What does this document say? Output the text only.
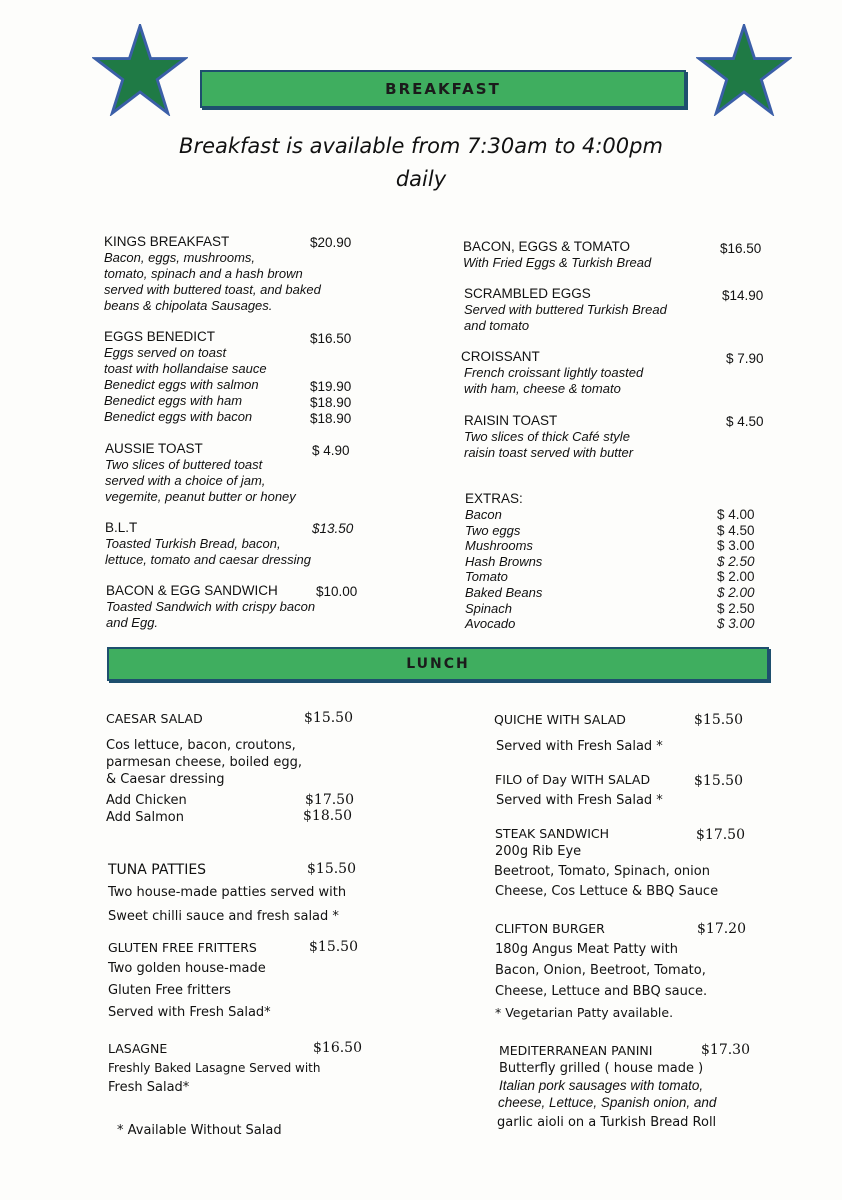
BREAKFAST
Breakfast is available from 7:30am to 4:00pm
daily
KINGS BREAKFAST
Bacon, eggs, mushrooms,
tomato, spinach and a hash brown
served with buttered toast, and baked
beans & chipolata Sausages.
$20.90
EGGS BENEDICT
Eggs served on toast
toast with hollandaise sauce
Benedict eggs with salmon
Benedict eggs with ham
Benedict eggs with bacon
$16.50
$19.90
$18.90
$18.90
AUSSIE TOAST
Two slices of buttered toast
served with a choice of jam,
vegemite, peanut butter or honey
$ 4.90
B.L.T
Toasted Turkish Bread, bacon,
lettuce, tomato and caesar dressing
$13.50
BACON & EGG SANDWICH
Toasted Sandwich with crispy bacon
and Egg.
$10.00
BACON, EGGS & TOMATO
With Fried Eggs & Turkish Bread
$16.50
SCRAMBLED EGGS
Served with buttered Turkish Bread
and tomato
$14.90
CROISSANT
French croissant lightly toasted
with ham, cheese & tomato
$ 7.90
RAISIN TOAST
Two slices of thick Café style
raisin toast served with butter
$ 4.50
EXTRAS:
Bacon
Two eggs
Mushrooms
Hash Browns
Tomato
Baked Beans
Spinach
Avocado
$ 4.00
$ 4.50
$ 3.00
$ 2.50
$ 2.00
$ 2.00
$ 2.50
$ 3.00
LUNCH
CAESAR SALAD
Cos lettuce, bacon, croutons,
parmesan cheese, boiled egg,
& Caesar dressing
Add Chicken
Add Salmon
$15.50
$17.50
$18.50
TUNA PATTIES
Two house-made patties served with
Sweet chilli sauce and fresh salad *
$15.50
GLUTEN FREE FRITTERS
Two golden house-made
Gluten Free fritters
Served with Fresh Salad*
$15.50
LASAGNE
Freshly Baked Lasagne Served with
Fresh Salad*
$16.50
* Available Without Salad
QUICHE WITH SALAD
Served with Fresh Salad *
$15.50
FILO of Day WITH SALAD
Served with Fresh Salad *
$15.50
STEAK SANDWICH
200g Rib Eye
Beetroot, Tomato, Spinach, onion
Cheese, Cos Lettuce & BBQ Sauce
$17.50
CLIFTON BURGER
180g Angus Meat Patty with
Bacon, Onion, Beetroot, Tomato,
Cheese, Lettuce and BBQ sauce.
* Vegetarian Patty available.
$17.20
MEDITERRANEAN PANINI
Butterfly grilled ( house made )
Italian pork sausages with tomato,
cheese, Lettuce, Spanish onion, and
garlic aioli on a Turkish Bread Roll
$17.30
